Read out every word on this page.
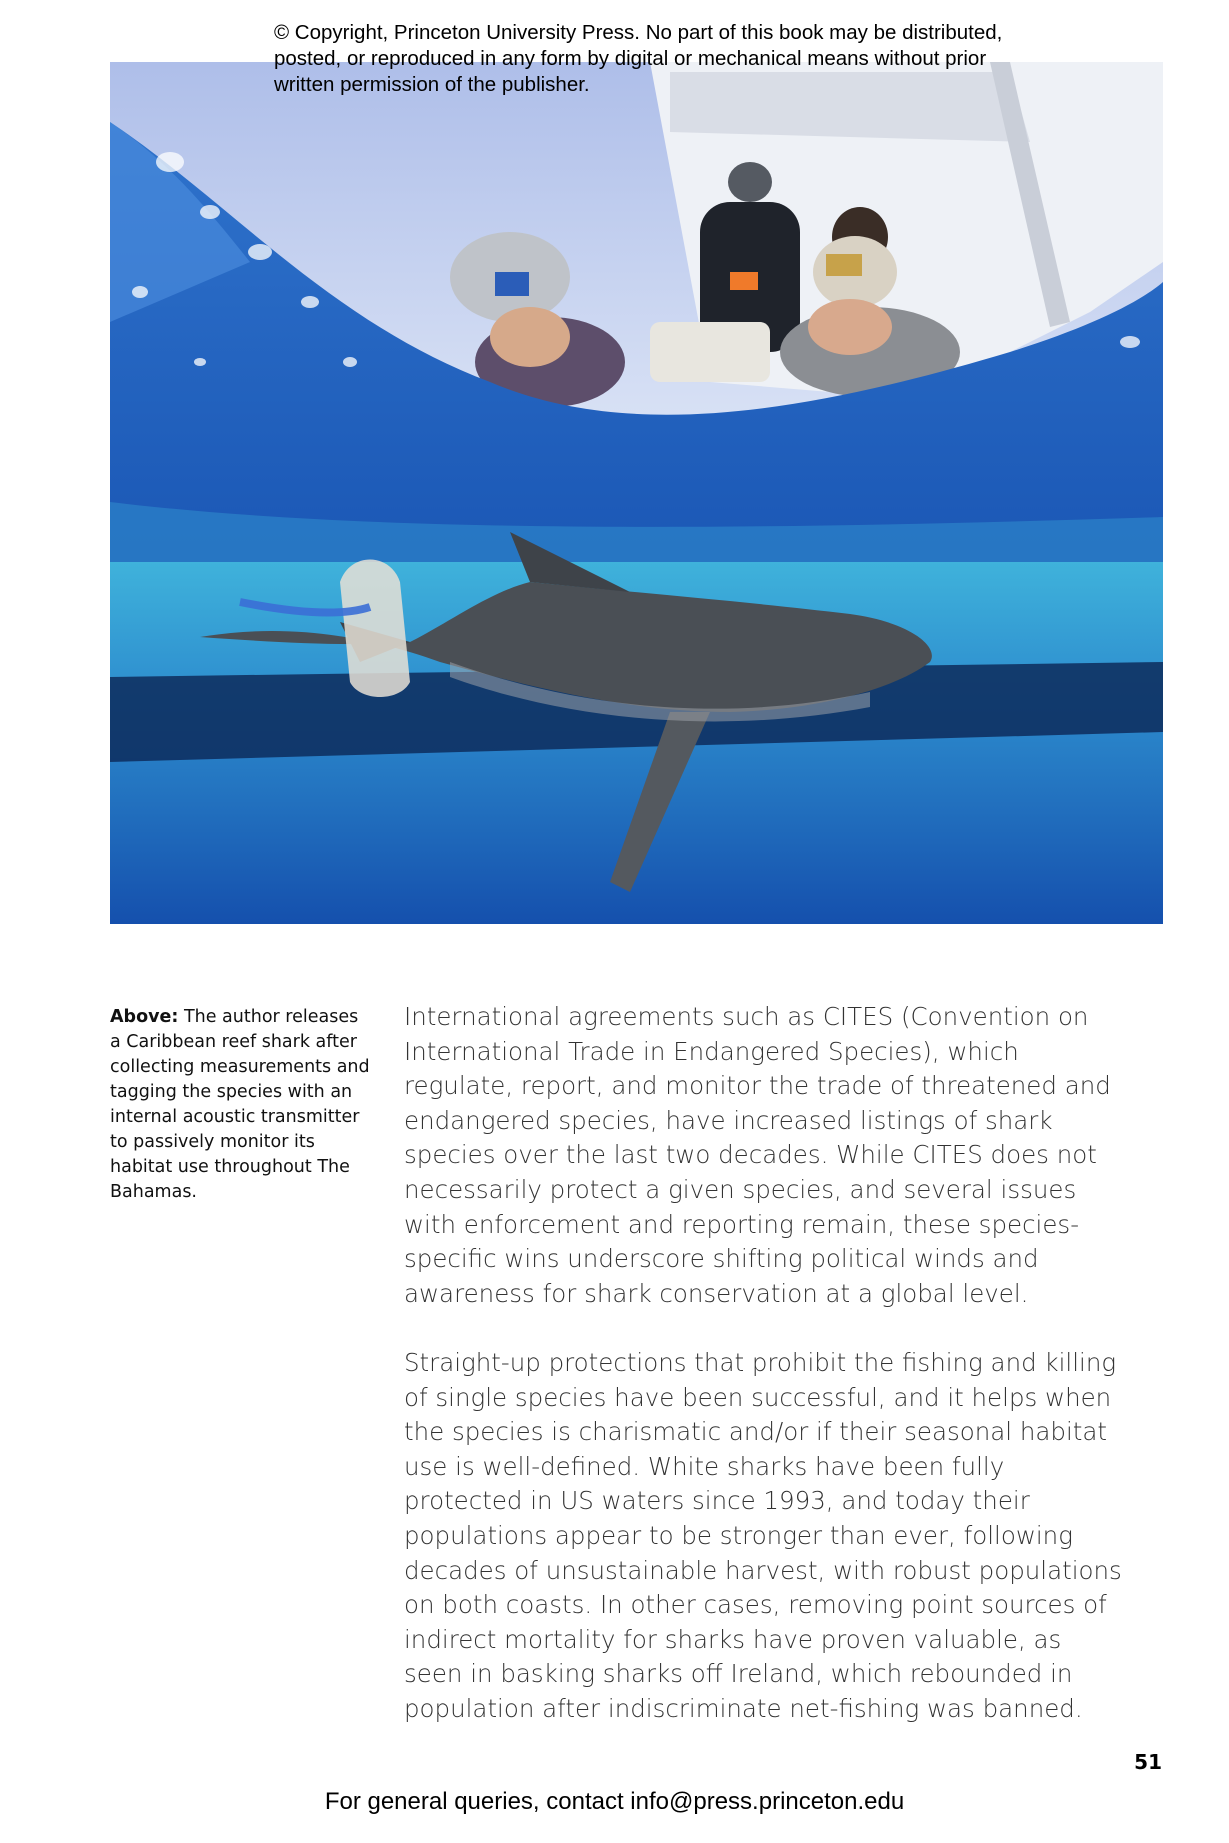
© Copyright, Princeton University Press. No part of this book may be distributed, posted, or reproduced in any form by digital or mechanical means without prior written permission of the publisher.
Above: The author releases a Caribbean reef shark after collecting measurements and tagging the species with an internal acoustic transmitter to passively monitor its habitat use throughout The Bahamas.

International agreements such as CITES (Convention on International Trade in Endangered Species), which regulate, report, and monitor the trade of threatened and endangered species, have increased listings of shark species over the last two decades. While CITES does not necessarily protect a given species, and several issues with enforcement and reporting remain, these species-specific wins underscore shifting political winds and awareness for shark conservation at a global level.

Straight-up protections that prohibit the fishing and killing of single species have been successful, and it helps when the species is charismatic and/or if their seasonal habitat use is well-defined. White sharks have been fully protected in US waters since 1993, and today their populations appear to be stronger than ever, following decades of unsustainable harvest, with robust populations on both coasts. In other cases, removing point sources of indirect mortality for sharks have proven valuable, as seen in basking sharks off Ireland, which rebounded in population after indiscriminate net-fishing was banned.

51
For general queries, contact info@press.princeton.edu
